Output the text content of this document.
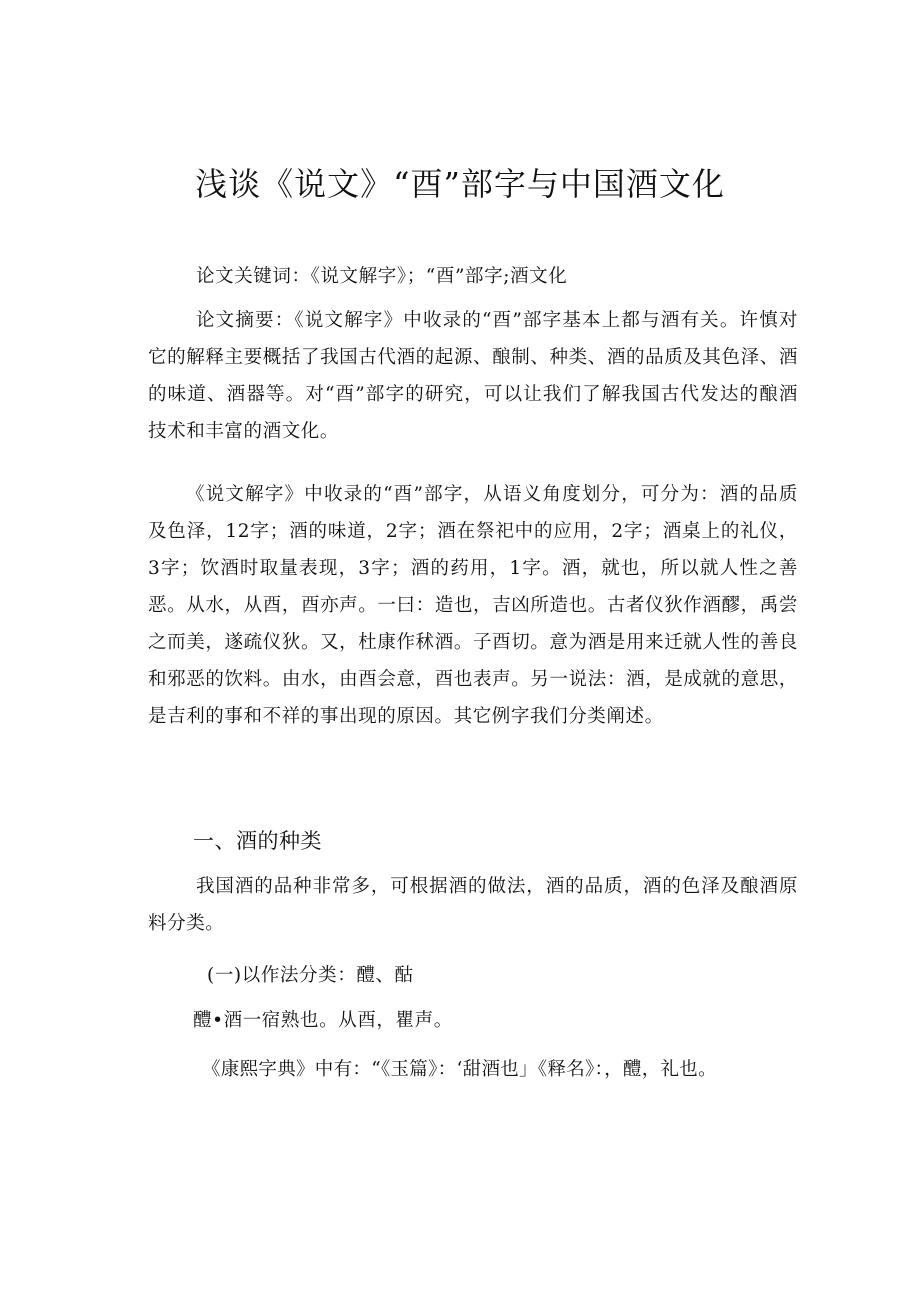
浅谈《说文》“酉”部字与中国酒文化

论文关键词：《说文解字》；“酉”部字;酒文化

论文摘要：《说文解字》中收录的“酉”部字基本上都与酒有关。许慎对它的解释主要概括了我国古代酒的起源、酿制、种类、酒的品质及其色泽、酒的味道、酒器等。对“酉”部字的研究，可以让我们了解我国古代发达的酿酒技术和丰富的酒文化。

《说文解字》中收录的“酉”部字，从语义角度划分，可分为：酒的品质及色泽，12字；酒的味道，2字；酒在祭祀中的应用，2字；酒桌上的礼仪，3字；饮酒时取量表现，3字；酒的药用，1字。酒，就也，所以就人性之善恶。从水，从酉，酉亦声。一曰：造也，吉凶所造也。古者仪狄作酒醪，禹尝之而美，遂疏仪狄。又，杜康作秫酒。子酉切。意为酒是用来迁就人性的善良和邪恶的饮料。由水，由酉会意，酉也表声。另一说法：酒，是成就的意思，是吉利的事和不祥的事出现的原因。其它例字我们分类阐述。

一、酒的种类

我国酒的品种非常多，可根据酒的做法，酒的品质，酒的色泽及酿酒原料分类。

(一)以作法分类：醴、酤

醴•酒一宿熟也。从酉，瞿声。

《康熙字典》中有：“《玉篇》：‘甜酒也」《释名》：，醴，礼也。
